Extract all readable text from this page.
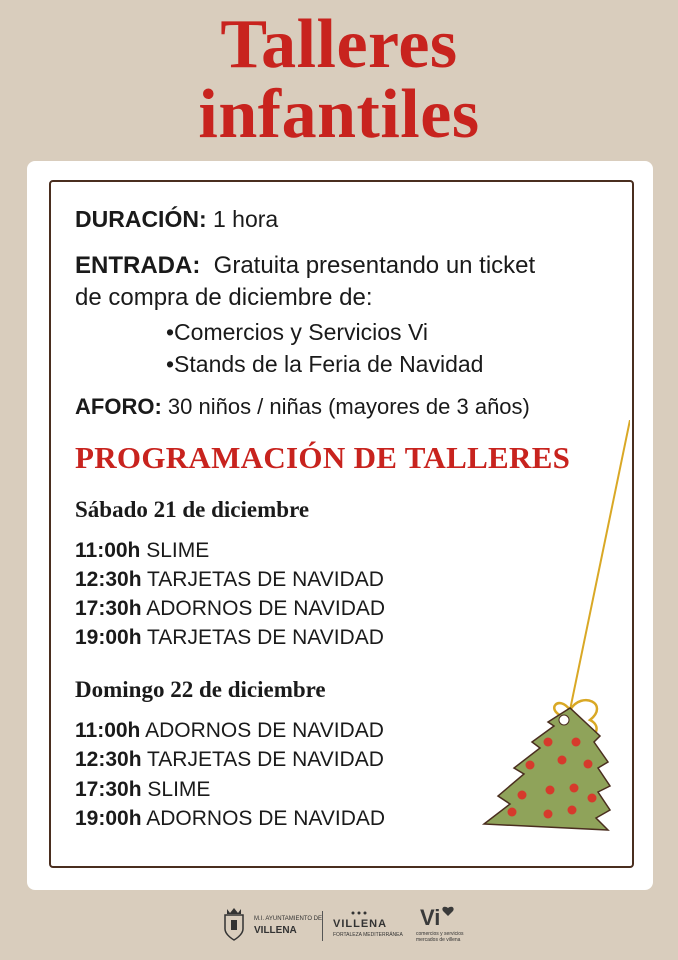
Talleres
infantiles
DURACIÓN: 1 hora
ENTRADA: Gratuita presentando un ticket
de compra de diciembre de:
•Comercios y Servicios Vi
•Stands de la Feria de Navidad
AFORO: 30 niños / niñas (mayores de 3 años)
PROGRAMACIÓN DE TALLERES
Sábado 21 de diciembre
11:00h SLIME
12:30h TARJETAS DE NAVIDAD
17:30h ADORNOS DE NAVIDAD
19:00h TARJETAS DE NAVIDAD
Domingo 22 de diciembre
11:00h ADORNOS DE NAVIDAD
12:30h TARJETAS DE NAVIDAD
17:30h SLIME
19:00h ADORNOS DE NAVIDAD
M.I. AYUNTAMIENTO DE
VILLENA
VILLENA
FORTALEZA MEDITERRÁNEA
Vi
comercios y servicios
mercados de villena
